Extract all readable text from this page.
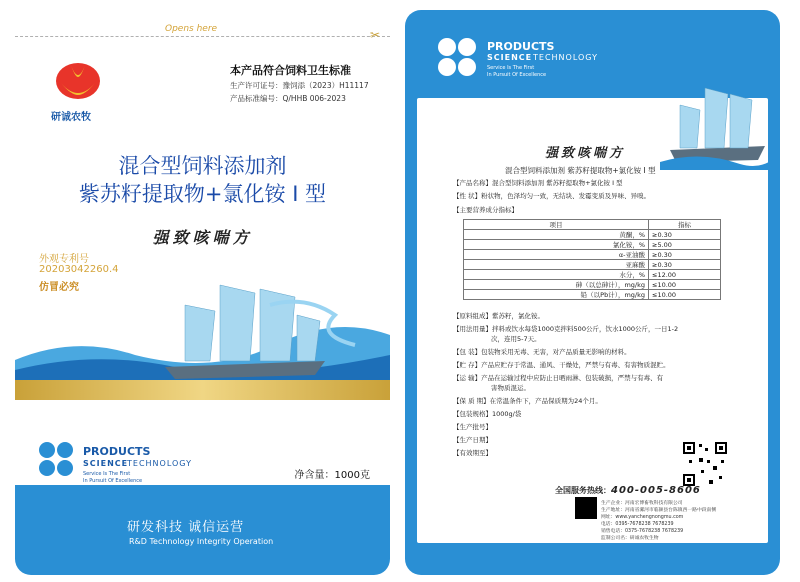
Opens here	✂
研诚农牧
本产品符合饲料卫生标准
生产许可证号：豫饲添（2023）H11117
产品标准编号：Q/HHB 006-2023
混合型饲料添加剂
紫苏籽提取物+氯化铵 I 型
强致咳喘方
外观专利号
20203042260.4
仿冒必究
PRODUCTS
SCIENCE
TECHNOLOGY
Service Is The First
In Pursuit Of Excellence	净含量：1000克
研发科技 诚信运营
R&D Technology Integrity Operation
PRODUCTS
SCIENCE TECHNOLOGY
Service Is The First
In Pursuit Of Excellence
强致咳喘方
混合型饲料添加剂 紫苏籽提取物+氯化铵 I 型
【产品名称】混合型饲料添加剂 紫苏籽提取物+氯化铵 I 型
【性 状】粉状物，色泽均匀一致，无结块、发霉变质及异味、异嗅。
【主要营养成分指标】
项目	指标
黄酮，%	≥0.30
氯化铵，%	≥5.00
α-亚油酸	≥0.30
亚麻酸	≥0.30
水分，%	≤12.00
砷（以总砷计），mg/kg	≤10.00
铅（以Pb计），mg/kg	≤10.00
【原料组成】紫苏籽，氯化铵。
【用法用量】拌料或饮水每袋1000克拌料500公斤，饮水1000公斤，一日1-2
次，连用5-7天。
【包 装】包装物采用无毒、无害，对产品质量无影响的材料。
【贮 存】产品应贮存于常温、通风、干燥处，严禁与有毒、有害物质混贮。
【运 输】产品在运输过程中应防止日晒雨淋、包装破损，严禁与有毒、有
害物质混运。
【保 质 期】在常温条件下，产品保质期为24个月。
【包装规格】1000g/袋
【生产批号】
【生产日期】
【有效期至】
全国服务热线：400-005-8606
生产企业：河南宏博畜牧科技有限公司
生产地址：河南省漯河市临颍县台陈镇西一路中段南侧
网址：www.yanchengnongmu.com
电话：0395-7678238 7678239
销售电话：0375-7678238 7678239
监制公司名：研诚农牧生物
